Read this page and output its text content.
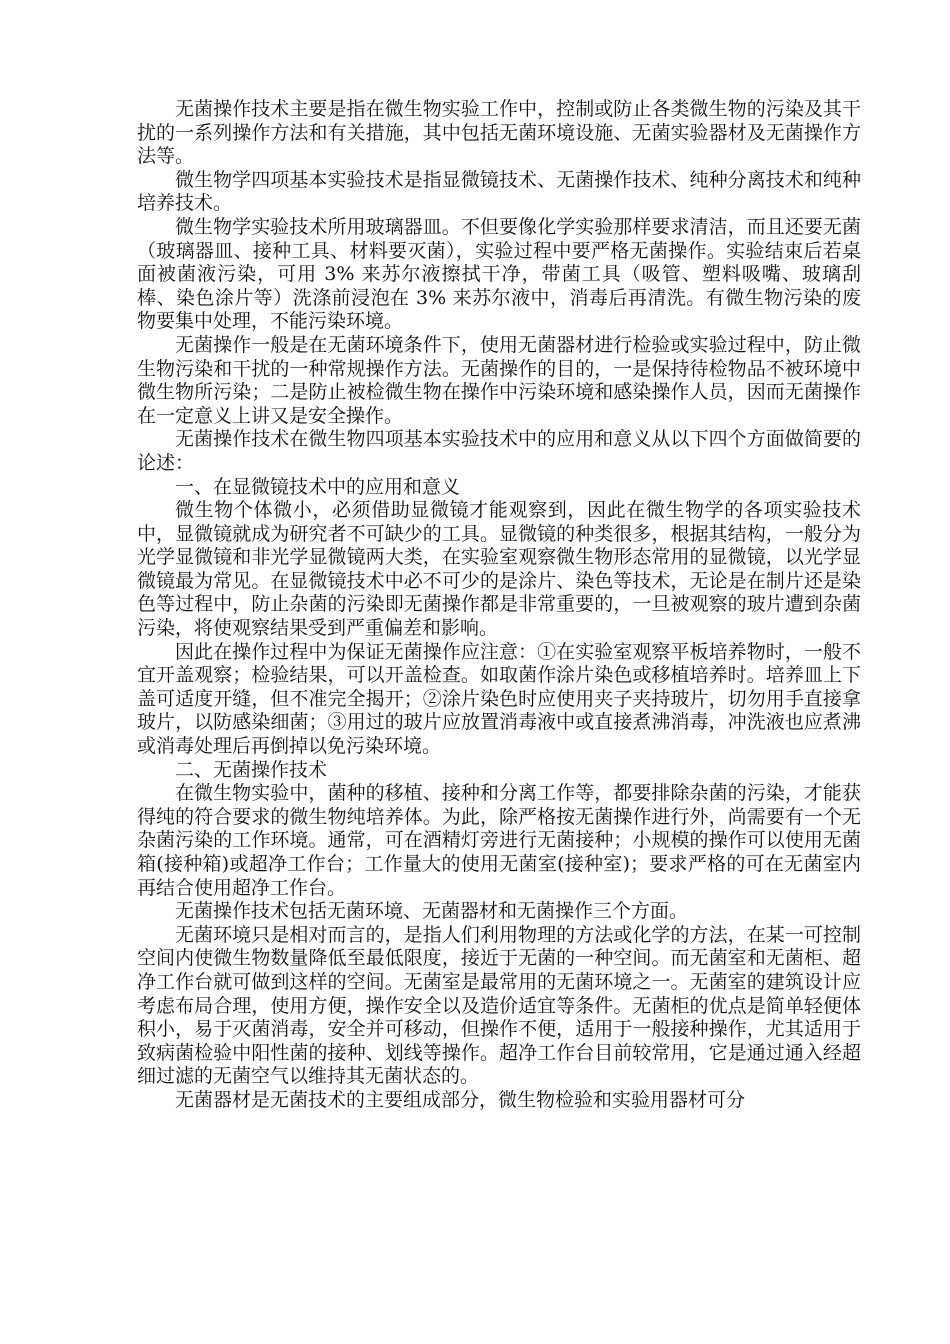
无菌操作技术主要是指在微生物实验工作中，控制或防止各类微生物的污染及其干扰的一系列操作方法和有关措施，其中包括无菌环境设施、无菌实验器材及无菌操作方法等。

微生物学四项基本实验技术是指显微镜技术、无菌操作技术、纯种分离技术和纯种培养技术。

微生物学实验技术所用玻璃器皿。不但要像化学实验那样要求清洁，而且还要无菌（玻璃器皿、接种工具、材料要灭菌），实验过程中要严格无菌操作。实验结束后若桌面被菌液污染，可用 3% 来苏尔液擦拭干净，带菌工具（吸管、塑料吸嘴、玻璃刮棒、染色涂片等）洗涤前浸泡在 3% 来苏尔液中，消毒后再清洗。有微生物污染的废物要集中处理，不能污染环境。

无菌操作一般是在无菌环境条件下，使用无菌器材进行检验或实验过程中，防止微生物污染和干扰的一种常规操作方法。无菌操作的目的，一是保持待检物品不被环境中微生物所污染；二是防止被检微生物在操作中污染环境和感染操作人员，因而无菌操作在一定意义上讲又是安全操作。

无菌操作技术在微生物四项基本实验技术中的应用和意义从以下四个方面做简要的论述：

一、在显微镜技术中的应用和意义

微生物个体微小，必须借助显微镜才能观察到，因此在微生物学的各项实验技术中，显微镜就成为研究者不可缺少的工具。显微镜的种类很多，根据其结构，一般分为光学显微镜和非光学显微镜两大类，在实验室观察微生物形态常用的显微镜，以光学显微镜最为常见。在显微镜技术中必不可少的是涂片、染色等技术，无论是在制片还是染色等过程中，防止杂菌的污染即无菌操作都是非常重要的，一旦被观察的玻片遭到杂菌污染，将使观察结果受到严重偏差和影响。

因此在操作过程中为保证无菌操作应注意：①在实验室观察平板培养物时，一般不宜开盖观察；检验结果，可以开盖检查。如取菌作涂片染色或移植培养时。培养皿上下盖可适度开缝，但不准完全揭开；②涂片染色时应使用夹子夹持玻片，切勿用手直接拿玻片，以防感染细菌；③用过的玻片应放置消毒液中或直接煮沸消毒，冲洗液也应煮沸或消毒处理后再倒掉以免污染环境。

二、无菌操作技术

在微生物实验中，菌种的移植、接种和分离工作等，都要排除杂菌的污染，才能获得纯的符合要求的微生物纯培养体。为此，除严格按无菌操作进行外，尚需要有一个无杂菌污染的工作环境。通常，可在酒精灯旁进行无菌接种；小规模的操作可以使用无菌箱(接种箱)或超净工作台；工作量大的使用无菌室(接种室)；要求严格的可在无菌室内再结合使用超净工作台。

无菌操作技术包括无菌环境、无菌器材和无菌操作三个方面。

无菌环境只是相对而言的，是指人们利用物理的方法或化学的方法，在某一可控制空间内使微生物数量降低至最低限度，接近于无菌的一种空间。而无菌室和无菌柜、超净工作台就可做到这样的空间。无菌室是最常用的无菌环境之一。无菌室的建筑设计应考虑布局合理，使用方便，操作安全以及造价适宜等条件。无菌柜的优点是简单轻便体积小，易于灭菌消毒，安全并可移动，但操作不便，适用于一般接种操作，尤其适用于致病菌检验中阳性菌的接种、划线等操作。超净工作台目前较常用，它是通过通入经超细过滤的无菌空气以维持其无菌状态的。

无菌器材是无菌技术的主要组成部分，微生物检验和实验用器材可分
